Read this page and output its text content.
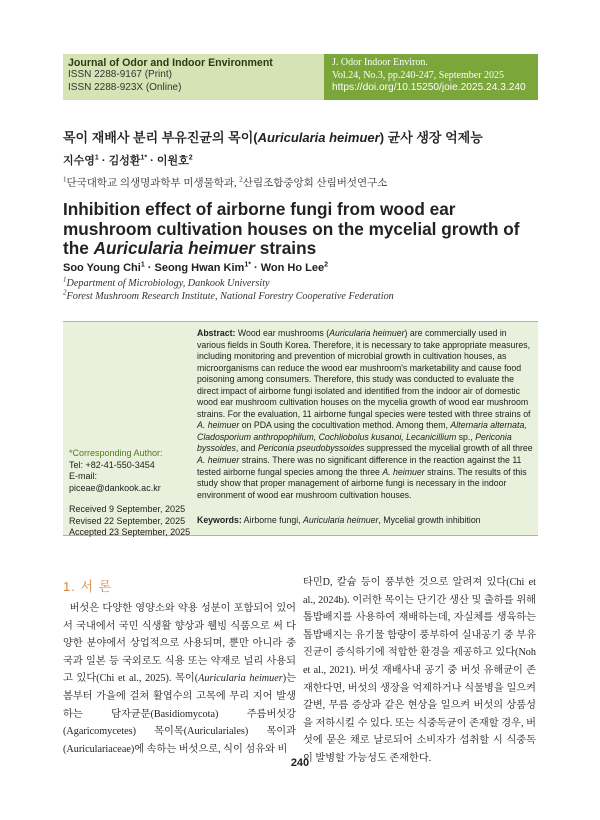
Journal of Odor and Indoor Environment
ISSN 2288-9167 (Print)
ISSN 2288-923X (Online)
J. Odor Indoor Environ.
Vol.24, No.3, pp.240-247, September 2025
https://doi.org/10.15250/joie.2025.24.3.240
목이 재배사 분리 부유진균의 목이(Auricularia heimuer) 균사 생장 억제능
지수영$^1$ · 김성환$^{1*}$ · 이원호$^2$
$^1$단국대학교 의생명과학부 미생물학과, $^2$산림조합중앙회 산림버섯연구소
Inhibition effect of airborne fungi from wood ear mushroom cultivation houses on the mycelial growth of the Auricularia heimuer strains
Soo Young Chi$^1$ · Seong Hwan Kim$^{1*}$ · Won Ho Lee$^2$
$^1$Department of Microbiology, Dankook University
$^2$Forest Mushroom Research Institute, National Forestry Cooperative Federation
*Corresponding Author:
Tel: +82-41-550-3454
E-mail: piceae@dankook.ac.kr
Received 9 September, 2025
Revised 22 September, 2025
Accepted 23 September, 2025
Abstract: Wood ear mushrooms (Auricularia heimuer) are commercially used in various fields in South Korea. Therefore, it is necessary to take appropriate measures, including monitoring and prevention of microbial growth in cultivation houses, as microorganisms can reduce the wood ear mushroom's marketability and cause food poisoning among consumers. Therefore, this study was conducted to evaluate the direct impact of airborne fungi isolated and identified from the indoor air of domestic wood ear mushroom cultivation houses on the mycelia growth of wood ear mushroom strains. For the evaluation, 11 airborne fungal species were tested with three strains of A. heimuer on PDA using the cocultivation method. Among them, Alternaria alternata, Cladosporium anthropophilum, Cochliobolus kusanoi, Lecanicillium sp., Periconia byssoides, and Periconia pseudobyssoides suppressed the mycelial growth of all three A. heimuer strains. There was no significant difference in the reaction against the 11 tested airborne fungal species among the three A. heimuer strains. The results of this study show that proper management of airborne fungi is necessary in the indoor environment of wood ear mushroom cultivation houses.
Keywords: Airborne fungi, Auricularia heimuer, Mycelial growth inhibition
1. 서 론
버섯은 다양한 영양소와 약용 성분이 포함되어 있어서 국내에서 국민 식생활 향상과 웰빙 식품으로 써 다양한 분야에서 상업적으로 사용되며, 뿐만 아니라 중국과 일본 등 국외로도 식용 또는 약재로 널리 사용되고 있다(Chi et al., 2025). 목이(Auricularia heimuer)는 봄부터 가을에 걸쳐 활엽수의 고목에 무리 지어 발생하는 담자균문(Basidiomycota) 주름버섯강(Agaricomycetes) 목이목(Auriculariales) 목이과(Auriculariaceae)에 속하는 버섯으로, 식이 섬유와 비
타민D, 칼슘 등이 풍부한 것으로 알려져 있다(Chi et al., 2024b). 이러한 목이는 단기간 생산 및 출하를 위해 톱밥배지를 사용하여 재배하는데, 자실체를 생육하는 톱밥배지는 유기물 함량이 풍부하여 실내공기 중 부유진균이 증식하기에 적합한 환경을 제공하고 있다(Noh et al., 2021). 버섯 재배사내 공기 중 버섯 유해균이 존재한다면, 버섯의 생장을 억제하거나 식물병을 일으켜 갈변, 무름 증상과 같은 현상을 일으켜 버섯의 상품성을 저하시킬 수 있다. 또는 식중독균이 존재할 경우, 버섯에 묻은 채로 날로되어 소비자가 섭취할 시 식중독이 발병할 가능성도 존재한다.
240
